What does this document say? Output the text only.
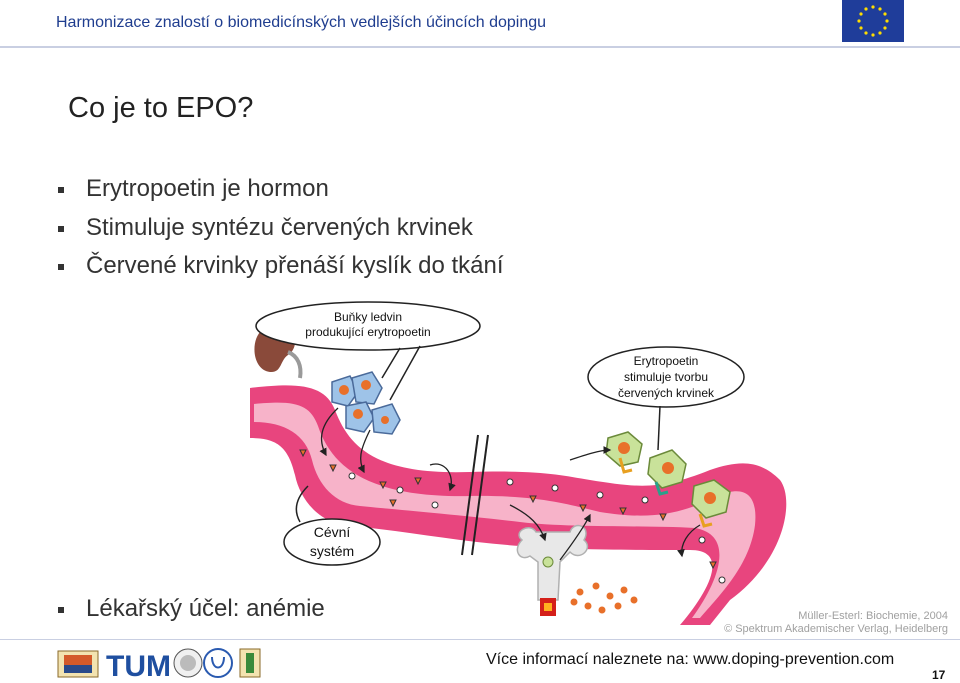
Harmonizace znalostí o biomedicínských vedlejších účincích dopingu
Co je to EPO?
Erytropoetin je hormon
Stimuluje syntézu červených krvinek
Červené krvinky přenáší kyslík do tkání
Lékařský účel: anémie
Buňky ledvin
produkující erytropoetin
Erytropoetin
stimuluje tvorbu
červených krvinek
Cévní
systém
Müller-Esterl: Biochemie, 2004
© Spektrum Akademischer Verlag, Heidelberg
TUM	Více informací naleznete na: www.doping-prevention.com
17
